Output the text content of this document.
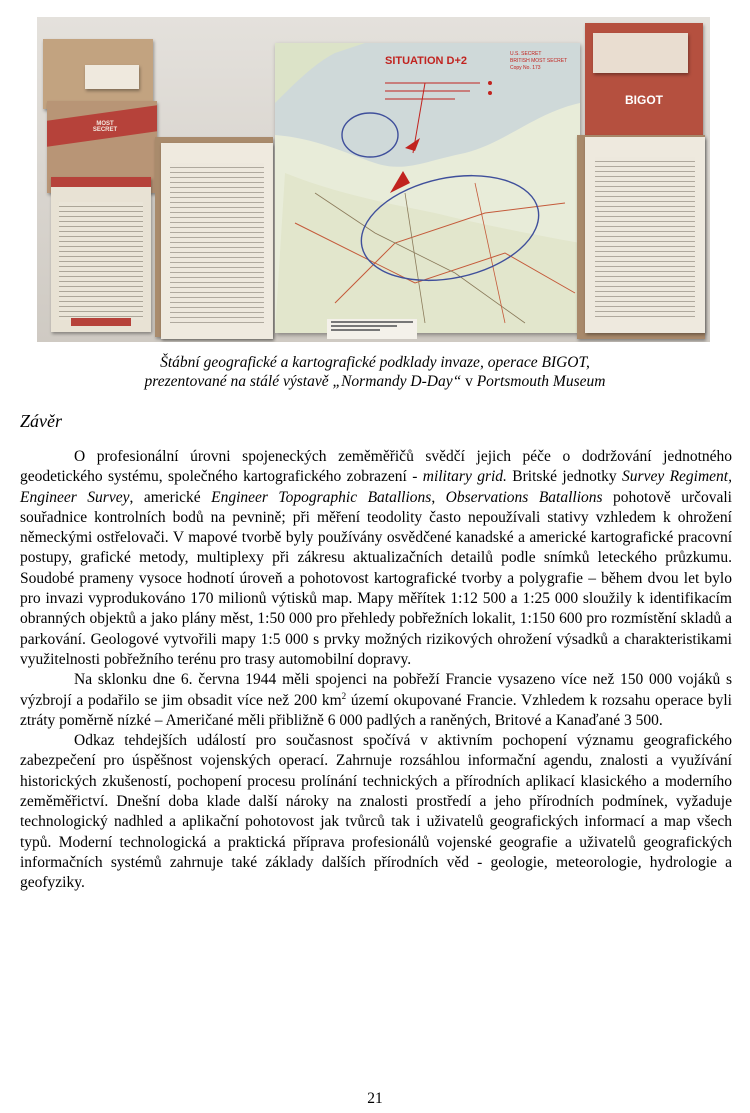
MOST SECRET
SITUATION D+2
U.S. SECRET
BRITISH MOST SECRET
Copy No. 173
BIGOT
Štábní geografické a kartografické podklady invaze, operace BIGOT,
prezentované na stálé výstavě „Normandy D-Day“ v Portsmouth Museum
Závěr

O profesionální úrovni spojeneckých zeměměřičů svědčí jejich péče o dodržování jednotného geodetického systému, společného kartografického zobrazení - military grid. Britské jednotky Survey Regiment, Engineer Survey, americké Engineer Topographic Batallions, Observations Batallions pohotově určovali souřadnice kontrolních bodů na pevnině; při měření teodolity často nepoužívali stativy vzhledem k ohrožení německými ostřelovači. V mapové tvorbě byly používány osvědčené kanadské a americké kartografické pracovní postupy, grafické metody, multiplexy při zákresu aktualizačních detailů podle snímků leteckého průzkumu. Soudobé prameny vysoce hodnotí úroveň a pohotovost kartografické tvorby a polygrafie – během dvou let bylo pro invazi vyprodukováno 170 milionů výtisků map. Mapy měřítek 1:12 500 a 1:25 000 sloužily k identifikacím obranných objektů a jako plány měst, 1:50 000 pro přehledy pobřežních lokalit, 1:150 600 pro rozmístění skladů a parkování. Geologové vytvořili mapy 1:5 000 s prvky možných rizikových ohrožení výsadků a charakteristikami využitelnosti pobřežního terénu pro trasy automobilní dopravy.

Na sklonku dne 6. června 1944 měli spojenci na pobřeží Francie vysazeno více než 150 000 vojáků s výzbrojí a podařilo se jim obsadit více než 200 $km^2$ území okupované Francie. Vzhledem k rozsahu operace byli ztráty poměrně nízké – Američané měli přibližně 6 000 padlých a raněných, Britové a Kanaďané 3 500.

Odkaz tehdejších událostí pro současnost spočívá v aktivním pochopení významu geografického zabezpečení pro úspěšnost vojenských operací. Zahrnuje rozsáhlou informační agendu, znalosti a využívání historických zkušeností, pochopení procesu prolínání technických a přírodních aplikací klasického a moderního zeměměřictví. Dnešní doba klade další nároky na znalosti prostředí a jeho přírodních podmínek, vyžaduje technologický nadhled a aplikační pohotovost jak tvůrců tak i uživatelů geografických informací a map všech typů. Moderní technologická a praktická příprava profesionálů vojenské geografie a uživatelů geografických informačních systémů zahrnuje také základy dalších přírodních věd - geologie, meteorologie, hydrologie a geofyziky.

21
